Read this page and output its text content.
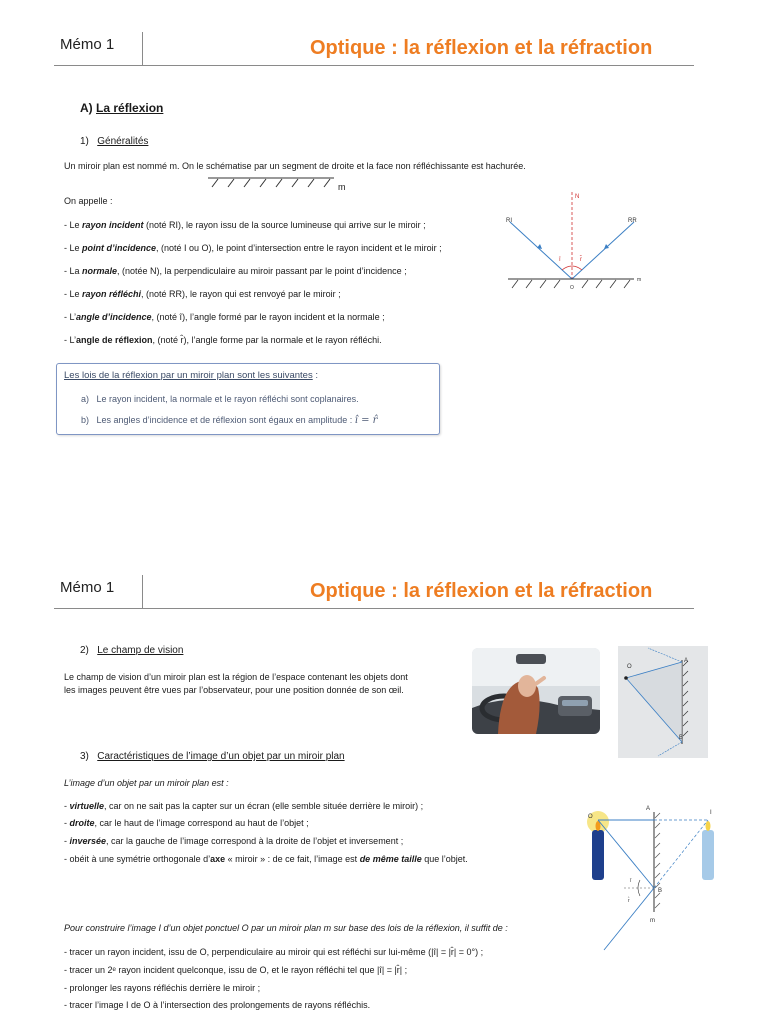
Mémo 1	Optique : la réflexion et la réfraction
A) La réflexion
1) Généralités
Un miroir plan est nommé m. On le schématise par un segment de droite et la face non réfléchissante est hachurée.
m
On appelle :
- Le rayon incident (noté RI), le rayon issu de la source lumineuse qui arrive sur le miroir ;
- Le point d’incidence, (noté I ou O), le point d’intersection entre le rayon incident et le miroir ;
- La normale, (notée N), la perpendiculaire au miroir passant par le point d’incidence ;
- Le rayon réfléchi, (noté RR), le rayon qui est renvoyé par le miroir ;
- L’angle d’incidence, (noté î), l’angle formé par le rayon incident et la normale ;
- L’angle de réflexion, (noté r̂), l’angle forme par la normale et le rayon réfléchi.
N
RI	RR
î	r̂
O
m
Les lois de la réflexion par un miroir plan sont les suivantes :
a) Le rayon incident, la normale et le rayon réfléchi sont coplanaires.
b) Les angles d’incidence et de réflexion sont égaux en amplitude : î = r̂
Mémo 1	Optique : la réflexion et la réfraction
2) Le champ de vision
Le champ de vision d’un miroir plan est la région de l’espace contenant les objets dont
les images peuvent être vues par l’observateur, pour une position donnée de son œil.
O
A
B
3) Caractéristiques de l’image d’un objet par un miroir plan
L’image d’un objet par un miroir plan est :
- virtuelle, car on ne sait pas la capter sur un écran (elle semble située derrière le miroir) ;
- droite, car le haut de l’image correspond au haut de l’objet ;
- inversée, car la gauche de l’image correspond à la droite de l’objet et inversement ;
- obéit à une symétrie orthogonale d’axe « miroir » : de ce fait, l’image est de même taille que l’objet.
O
A
I
B
î
r̂
m
Pour construire l’image I d’un objet ponctuel O par un miroir plan m sur base des lois de la réflexion, il suffit de :
- tracer un rayon incident, issu de O, perpendiculaire au miroir qui est réfléchi sur lui-même (|î| = |r̂| = 0°) ;
- tracer un 2ᵉ rayon incident quelconque, issu de O, et le rayon réfléchi tel que |î| = |r̂| ;
- prolonger les rayons réfléchis derrière le miroir ;
- tracer l’image I de O à l’intersection des prolongements de rayons réfléchis.
